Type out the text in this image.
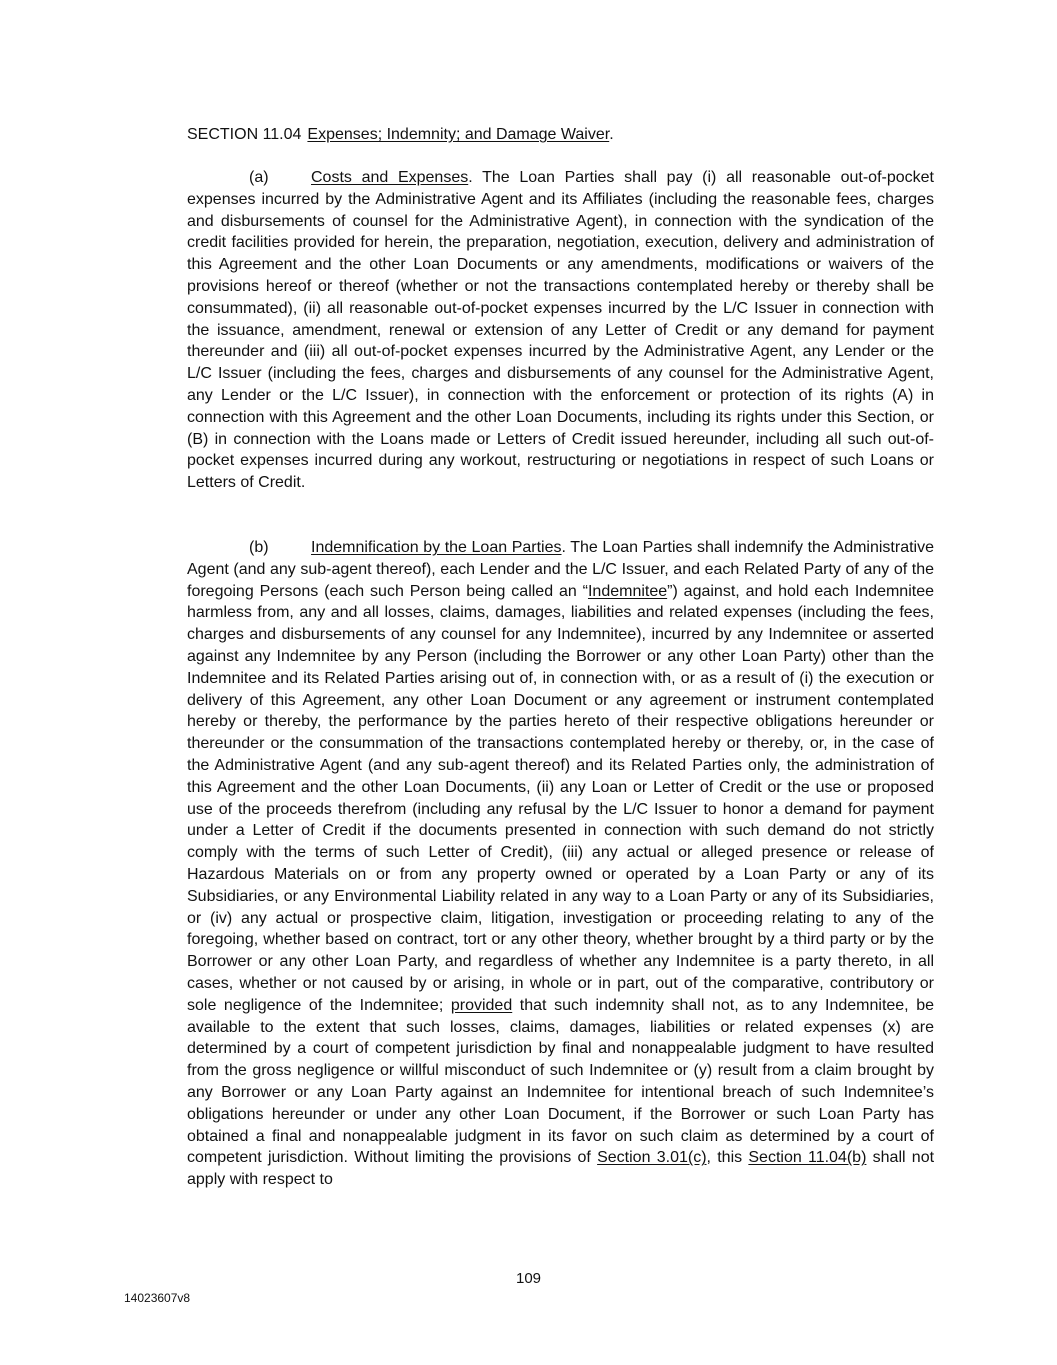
SECTION 11.04 Expenses; Indemnity; and Damage Waiver.

(a)	Costs and Expenses. The Loan Parties shall pay (i) all reasonable out-of-pocket expenses incurred by the Administrative Agent and its Affiliates (including the reasonable fees, charges and disbursements of counsel for the Administrative Agent), in connection with the syndication of the credit facilities provided for herein, the preparation, negotiation, execution, delivery and administration of this Agreement and the other Loan Documents or any amendments, modifications or waivers of the provisions hereof or thereof (whether or not the transactions contemplated hereby or thereby shall be consummated), (ii) all reasonable out-of-pocket expenses incurred by the L/C Issuer in connection with the issuance, amendment, renewal or extension of any Letter of Credit or any demand for payment thereunder and (iii) all out-of-pocket expenses incurred by the Administrative Agent, any Lender or the L/C Issuer (including the fees, charges and disbursements of any counsel for the Administrative Agent, any Lender or the L/C Issuer), in connection with the enforcement or protection of its rights (A) in connection with this Agreement and the other Loan Documents, including its rights under this Section, or (B) in connection with the Loans made or Letters of Credit issued hereunder, including all such out-of-pocket expenses incurred during any workout, restructuring or negotiations in respect of such Loans or Letters of Credit.

(b)	Indemnification by the Loan Parties. The Loan Parties shall indemnify the Administrative Agent (and any sub-agent thereof), each Lender and the L/C Issuer, and each Related Party of any of the foregoing Persons (each such Person being called an “Indemnitee”) against, and hold each Indemnitee harmless from, any and all losses, claims, damages, liabilities and related expenses (including the fees, charges and disbursements of any counsel for any Indemnitee), incurred by any Indemnitee or asserted against any Indemnitee by any Person (including the Borrower or any other Loan Party) other than the Indemnitee and its Related Parties arising out of, in connection with, or as a result of (i) the execution or delivery of this Agreement, any other Loan Document or any agreement or instrument contemplated hereby or thereby, the performance by the parties hereto of their respective obligations hereunder or thereunder or the consummation of the transactions contemplated hereby or thereby, or, in the case of the Administrative Agent (and any sub-agent thereof) and its Related Parties only, the administration of this Agreement and the other Loan Documents, (ii) any Loan or Letter of Credit or the use or proposed use of the proceeds therefrom (including any refusal by the L/C Issuer to honor a demand for payment under a Letter of Credit if the documents presented in connection with such demand do not strictly comply with the terms of such Letter of Credit), (iii) any actual or alleged presence or release of Hazardous Materials on or from any property owned or operated by a Loan Party or any of its Subsidiaries, or any Environmental Liability related in any way to a Loan Party or any of its Subsidiaries, or (iv) any actual or prospective claim, litigation, investigation or proceeding relating to any of the foregoing, whether based on contract, tort or any other theory, whether brought by a third party or by the Borrower or any other Loan Party, and regardless of whether any Indemnitee is a party thereto, in all cases, whether or not caused by or arising, in whole or in part, out of the comparative, contributory or sole negligence of the Indemnitee; provided that such indemnity shall not, as to any Indemnitee, be available to the extent that such losses, claims, damages, liabilities or related expenses (x) are determined by a court of competent jurisdiction by final and nonappealable judgment to have resulted from the gross negligence or willful misconduct of such Indemnitee or (y) result from a claim brought by any Borrower or any Loan Party against an Indemnitee for intentional breach of such Indemnitee’s obligations hereunder or under any other Loan Document, if the Borrower or such Loan Party has obtained a final and nonappealable judgment in its favor on such claim as determined by a court of competent jurisdiction. Without limiting the provisions of Section 3.01(c), this Section 11.04(b) shall not apply with respect to

109
14023607v8
